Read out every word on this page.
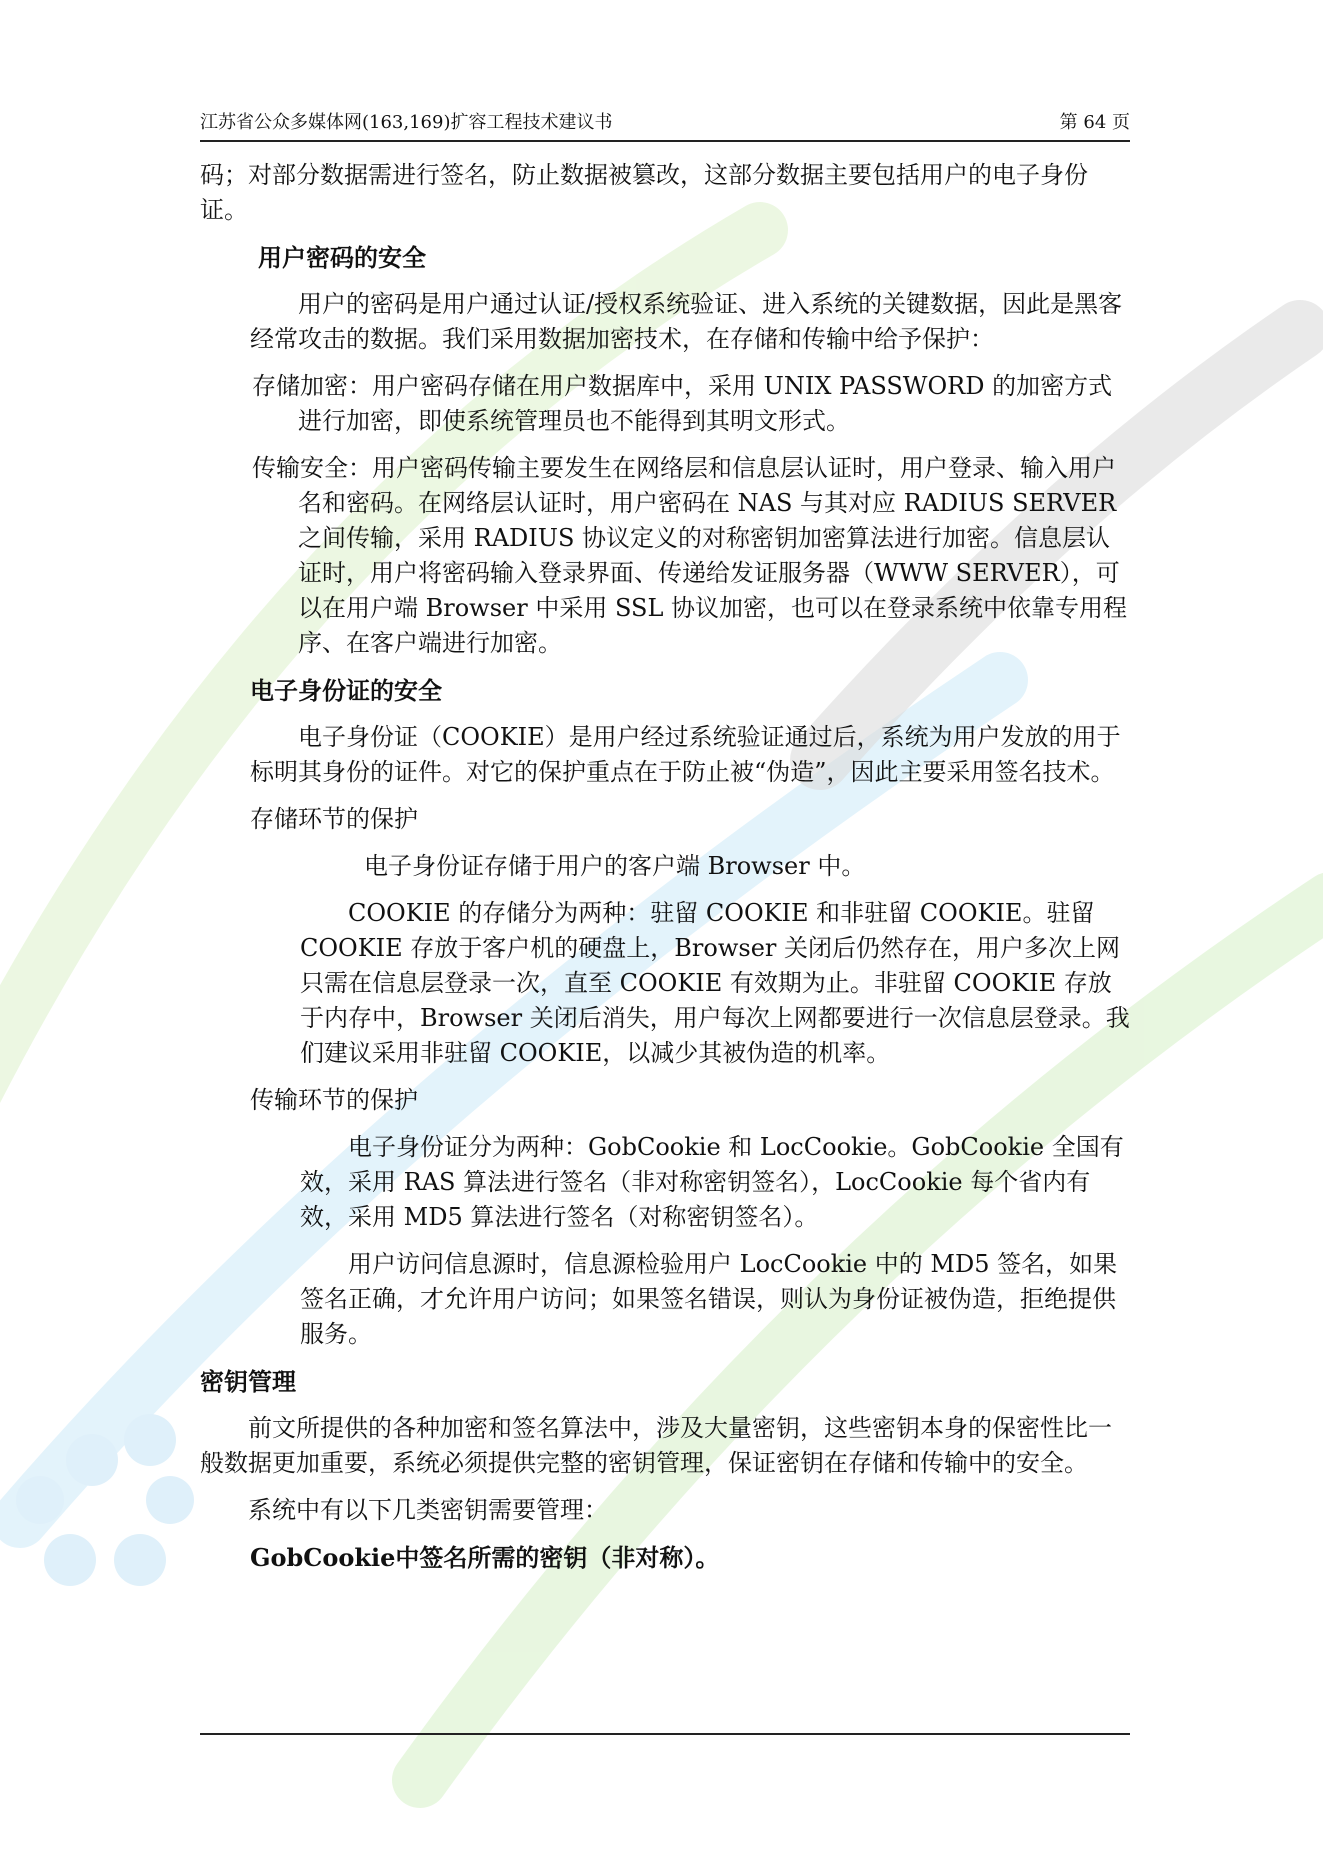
江苏省公众多媒体网(163,169)扩容工程技术建议书	第 64 页

码；对部分数据需进行签名，防止数据被篡改，这部分数据主要包括用户的电子身份证。

用户密码的安全

用户的密码是用户通过认证/授权系统验证、进入系统的关键数据，因此是黑客经常攻击的数据。我们采用数据加密技术，在存储和传输中给予保护：

存储加密：用户密码存储在用户数据库中，采用 UNIX PASSWORD 的加密方式进行加密，即使系统管理员也不能得到其明文形式。

传输安全：用户密码传输主要发生在网络层和信息层认证时，用户登录、输入用户名和密码。在网络层认证时，用户密码在 NAS 与其对应 RADIUS SERVER 之间传输，采用 RADIUS 协议定义的对称密钥加密算法进行加密。信息层认证时，用户将密码输入登录界面、传递给发证服务器（WWW SERVER），可以在用户端 Browser 中采用 SSL 协议加密，也可以在登录系统中依靠专用程序、在客户端进行加密。

电子身份证的安全

电子身份证（COOKIE）是用户经过系统验证通过后，系统为用户发放的用于标明其身份的证件。对它的保护重点在于防止被“伪造”，因此主要采用签名技术。

存储环节的保护

电子身份证存储于用户的客户端 Browser 中。

COOKIE 的存储分为两种：驻留 COOKIE 和非驻留 COOKIE。驻留 COOKIE 存放于客户机的硬盘上，Browser 关闭后仍然存在，用户多次上网只需在信息层登录一次，直至 COOKIE 有效期为止。非驻留 COOKIE 存放于内存中，Browser 关闭后消失，用户每次上网都要进行一次信息层登录。我们建议采用非驻留 COOKIE，以减少其被伪造的机率。

传输环节的保护

电子身份证分为两种：GobCookie 和 LocCookie。GobCookie 全国有效，采用 RAS 算法进行签名（非对称密钥签名），LocCookie 每个省内有效，采用 MD5 算法进行签名（对称密钥签名）。

用户访问信息源时，信息源检验用户 LocCookie 中的 MD5 签名，如果签名正确，才允许用户访问；如果签名错误，则认为身份证被伪造，拒绝提供服务。

密钥管理

前文所提供的各种加密和签名算法中，涉及大量密钥，这些密钥本身的保密性比一般数据更加重要，系统必须提供完整的密钥管理，保证密钥在存储和传输中的安全。

系统中有以下几类密钥需要管理：

GobCookie中签名所需的密钥（非对称）。
